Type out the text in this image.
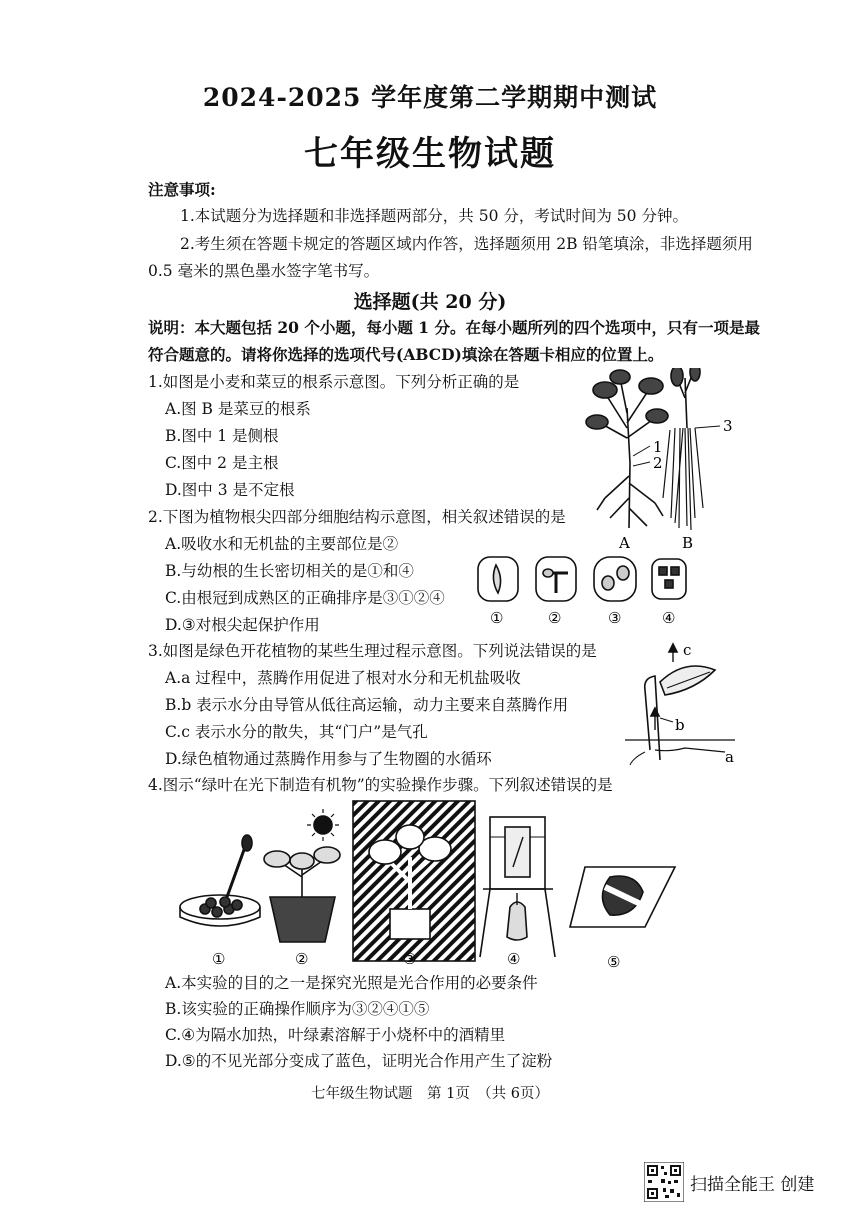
2024-2025 学年度第二学期期中测试
七年级生物试题
注意事项:
1.本试题分为选择题和非选择题两部分，共 50 分，考试时间为 50 分钟。
2.考生须在答题卡规定的答题区域内作答，选择题须用 2B 铅笔填涂，非选择题须用
0.5 毫米的黑色墨水签字笔书写。
选择题(共 20 分)
说明：本大题包括 20 个小题，每小题 1 分。在每小题所列的四个选项中，只有一项是最
符合题意的。请将你选择的选项代号(ABCD)填涂在答题卡相应的位置上。
1.如图是小麦和菜豆的根系示意图。下列分析正确的是
A.图 B 是菜豆的根系
B.图中 1 是侧根
C.图中 2 是主根
D.图中 3 是不定根
1
2
3
A	B
2.下图为植物根尖四部分细胞结构示意图，相关叙述错误的是
A.吸收水和无机盐的主要部位是②
B.与幼根的生长密切相关的是①和④
C.由根冠到成熟区的正确排序是③①②④
D.③对根尖起保护作用	①	②	③	④
3.如图是绿色开花植物的某些生理过程示意图。下列说法错误的是
A.a 过程中，蒸腾作用促进了根对水分和无机盐吸收
B.b 表示水分由导管从低往高运输，动力主要来自蒸腾作用
C.c 表示水分的散失，其“门户”是气孔
D.绿色植物通过蒸腾作用参与了生物圈的水循环
c
b
a
4.图示“绿叶在光下制造有机物”的实验操作步骤。下列叙述错误的是
①	②	③	④	⑤
A.本实验的目的之一是探究光照是光合作用的必要条件
B.该实验的正确操作顺序为③②④①⑤
C.④为隔水加热，叶绿素溶解于小烧杯中的酒精里
D.⑤的不见光部分变成了蓝色，证明光合作用产生了淀粉
七年级生物试题　第 1页　（共 6页）
扫描全能王 创建
